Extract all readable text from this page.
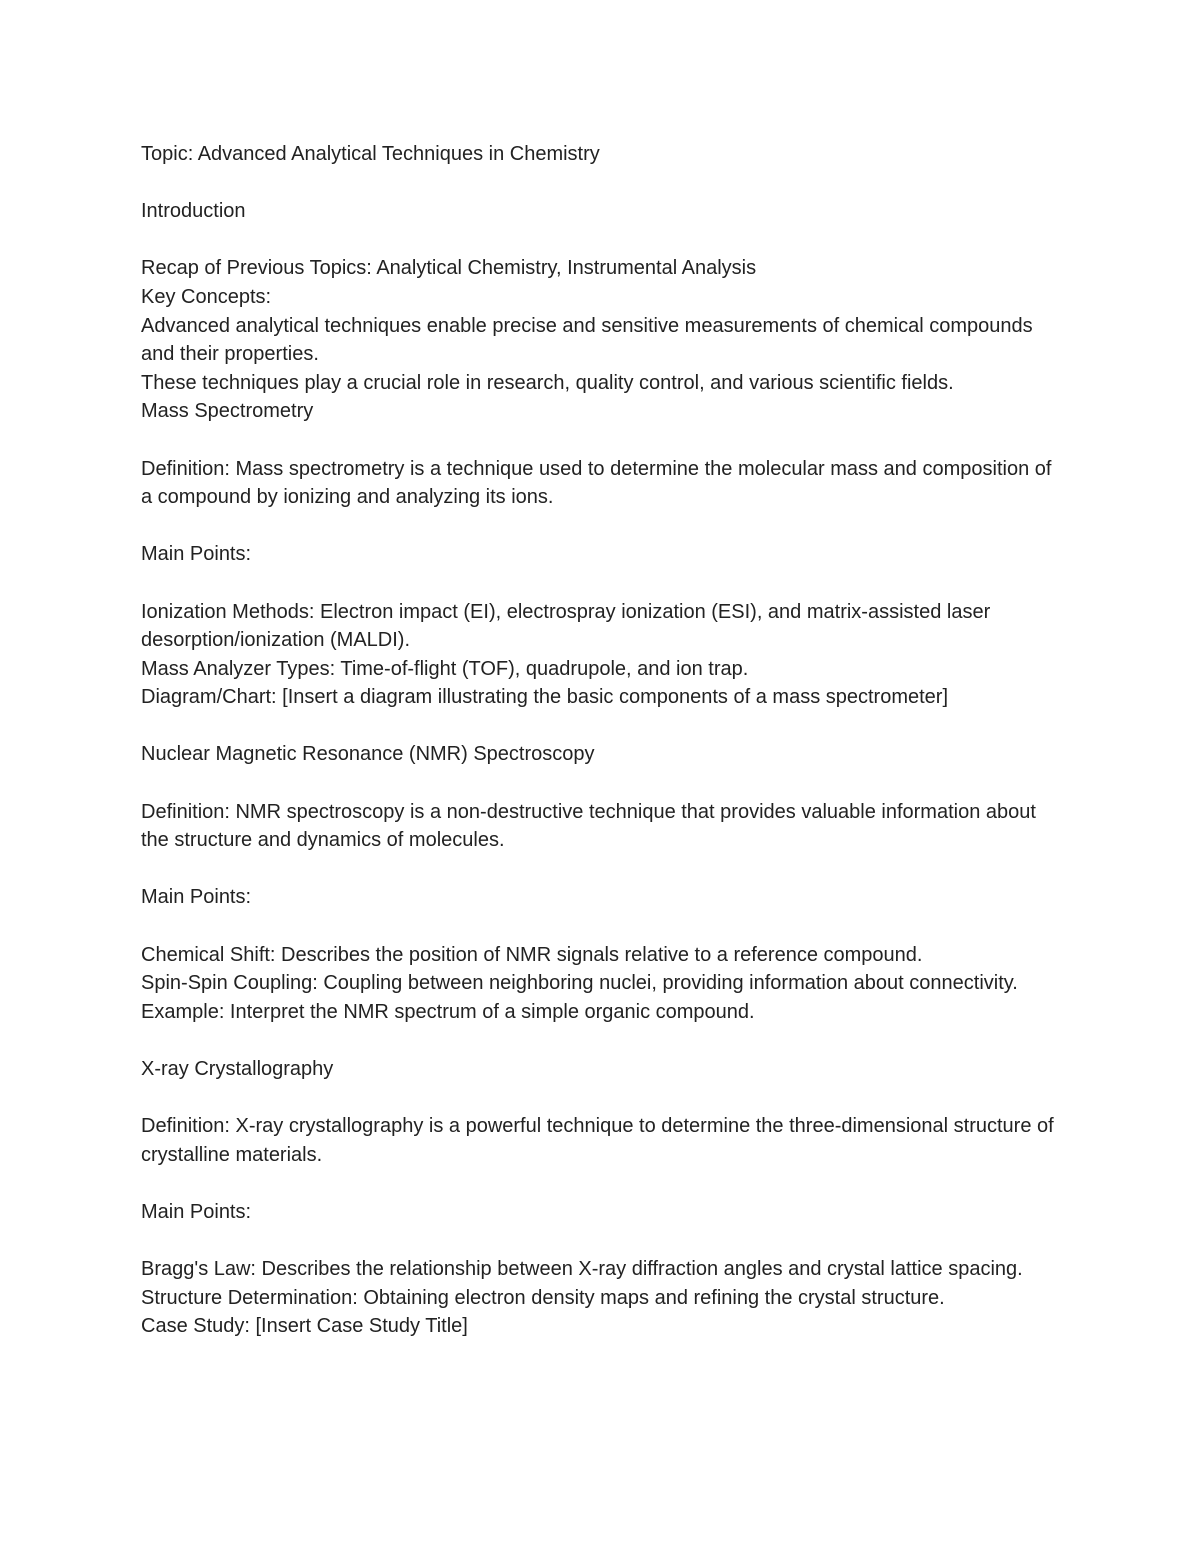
Topic: Advanced Analytical Techniques in Chemistry

Introduction

Recap of Previous Topics: Analytical Chemistry, Instrumental Analysis

Key Concepts:

Advanced analytical techniques enable precise and sensitive measurements of chemical compounds and their properties.

These techniques play a crucial role in research, quality control, and various scientific fields.

Mass Spectrometry

Definition: Mass spectrometry is a technique used to determine the molecular mass and composition of a compound by ionizing and analyzing its ions.

Main Points:

Ionization Methods: Electron impact (EI), electrospray ionization (ESI), and matrix-assisted laser desorption/ionization (MALDI).

Mass Analyzer Types: Time-of-flight (TOF), quadrupole, and ion trap.

Diagram/Chart: [Insert a diagram illustrating the basic components of a mass spectrometer]

Nuclear Magnetic Resonance (NMR) Spectroscopy

Definition: NMR spectroscopy is a non-destructive technique that provides valuable information about the structure and dynamics of molecules.

Main Points:

Chemical Shift: Describes the position of NMR signals relative to a reference compound.

Spin-Spin Coupling: Coupling between neighboring nuclei, providing information about connectivity.

Example: Interpret the NMR spectrum of a simple organic compound.

X-ray Crystallography

Definition: X-ray crystallography is a powerful technique to determine the three-dimensional structure of crystalline materials.

Main Points:

Bragg's Law: Describes the relationship between X-ray diffraction angles and crystal lattice spacing.

Structure Determination: Obtaining electron density maps and refining the crystal structure.

Case Study: [Insert Case Study Title]
